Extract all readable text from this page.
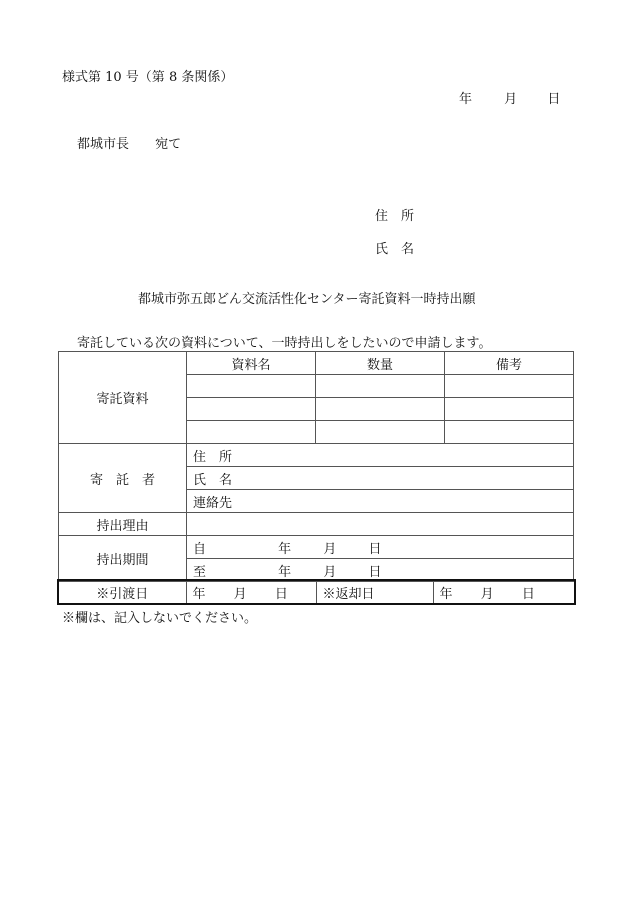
様式第 10 号（第 8 条関係）
年 月 日
都城市長 宛て
住　所
氏　名
都城市弥五郎どん交流活性化センター寄託資料一時持出願
寄託している次の資料について、一時持出しをしたいので申請します。
寄託資料	資料名	数量	備考

寄　託　者	住　所		
	氏　名		
	連絡先		
持出理由			
持出期間	自 年 月 日		
	至 年 月 日		
※引渡日	年 月 日	※返却日	年 月 日
※欄は、記入しないでください。
